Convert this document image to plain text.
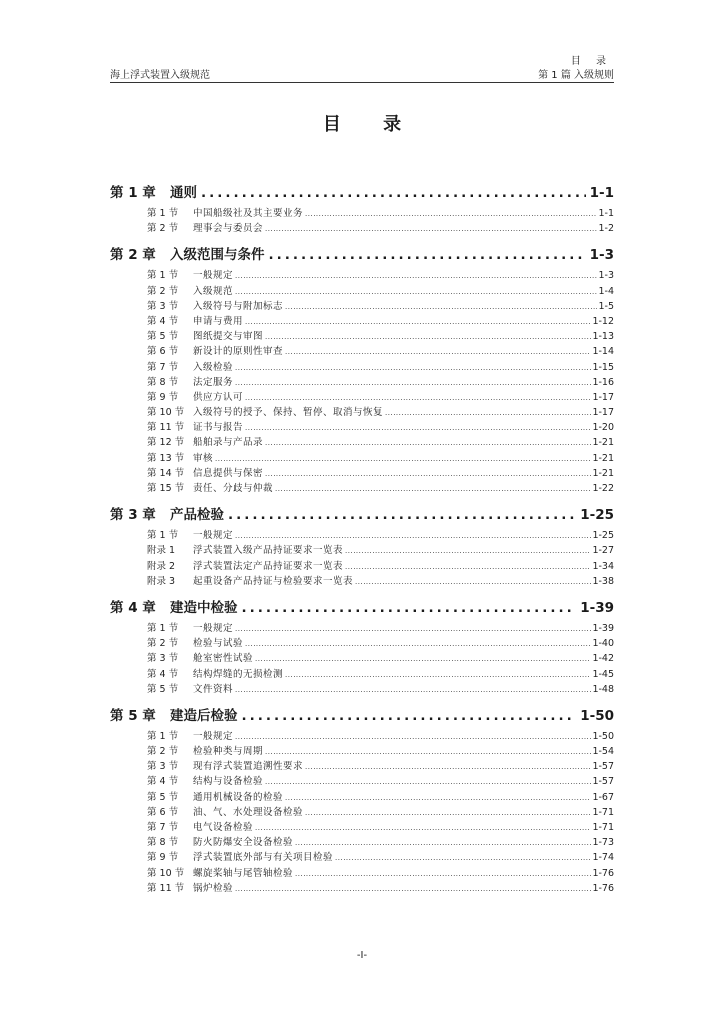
目 录
海上浮式装置入级规范	第 1 篇 入级规则
目 录
第 1 章	通则 .....	1-1
第 1 节	中国船级社及其主要业务 .....	1-1
第 2 节	理事会与委员会 .....	1-2
第 2 章	入级范围与条件 .....	1-3
第 1 节	一般规定 .....	1-3
第 2 节	入级规范 .....	1-4
第 3 节	入级符号与附加标志 .....	1-5
第 4 节	申请与费用 .....	1-12
第 5 节	图纸提交与审图 .....	1-13
第 6 节	新设计的原则性审查 .....	1-14
第 7 节	入级检验 .....	1-15
第 8 节	法定服务 .....	1-16
第 9 节	供应方认可 .....	1-17
第 10 节 入级符号的授予、保持、暂停、取消与恢复 .....	1-17
第 11 节 证书与报告 .....	1-20
第 12 节 船舶录与产品录 .....	1-21
第 13 节 审核 .....	1-21
第 14 节 信息提供与保密 .....	1-21
第 15 节 责任、分歧与仲裁 .....	1-22
第 3 章	产品检验 .....	1-25
第 1 节	一般规定 .....	1-25
附录 1	浮式装置入级产品持证要求一览表 .....	1-27
附录 2	浮式装置法定产品持证要求一览表 .....	1-34
附录 3	起重设备产品持证与检验要求一览表 .....	1-38
第 4 章	建造中检验 .....	1-39
第 1 节	一般规定 .....	1-39
第 2 节	检验与试验 .....	1-40
第 3 节	舱室密性试验 .....	1-42
第 4 节	结构焊缝的无损检测 .....	1-45
第 5 节	文件资料 .....	1-48
第 5 章	建造后检验 .....	1-50
第 1 节	一般规定 .....	1-50
第 2 节	检验种类与周期 .....	1-54
第 3 节	现有浮式装置追溯性要求 .....	1-57
第 4 节	结构与设备检验 .....	1-57
第 5 节	通用机械设备的检验 .....	1-67
第 6 节	油、气、水处理设备检验 .....	1-71
第 7 节	电气设备检验 .....	1-71
第 8 节	防火防爆安全设备检验 .....	1-73
第 9 节	浮式装置底外部与有关项目检验 .....	1-74
第 10 节 螺旋桨轴与尾管轴检验 .....	1-76
第 11 节 锅炉检验 .....	1-76
-I-
